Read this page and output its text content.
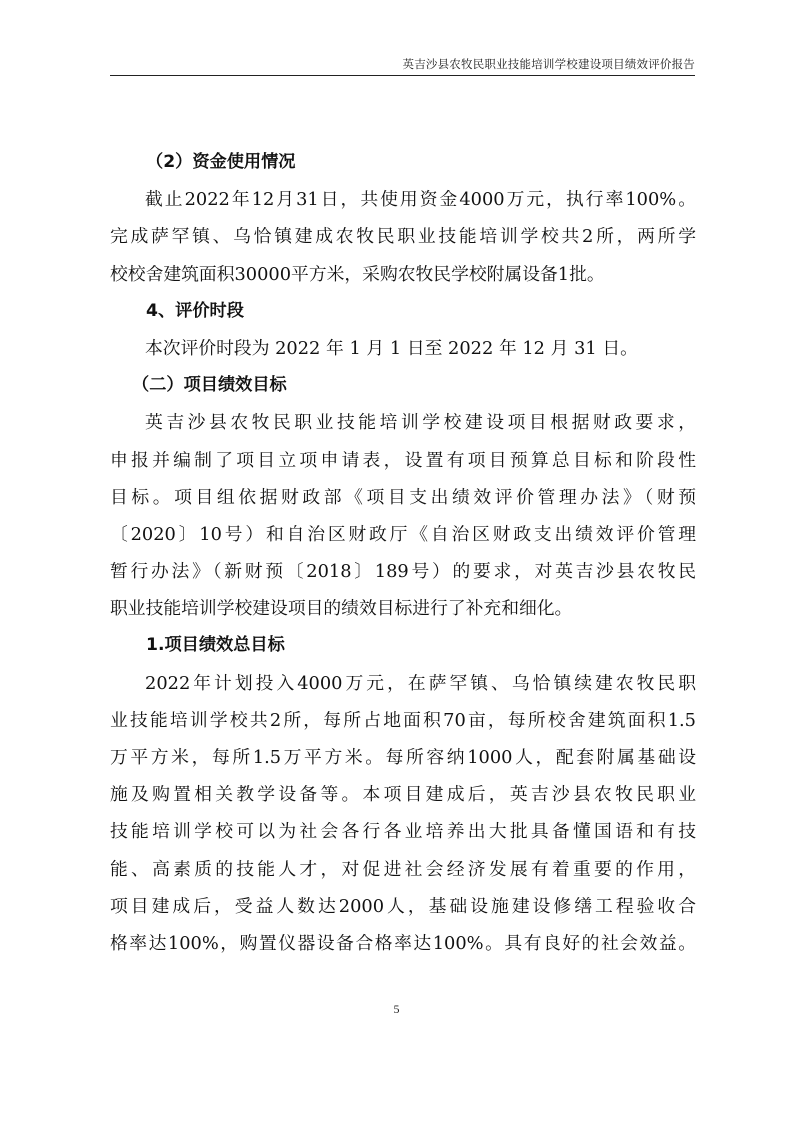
英吉沙县农牧民职业技能培训学校建设项目绩效评价报告
（2）资金使用情况
截止2022年12月31日，共使用资金4000万元，执行率100%。
完成萨罕镇、乌恰镇建成农牧民职业技能培训学校共2所，两所学
校校舍建筑面积30000平方米，采购农牧民学校附属设备1批。
4、评价时段
本次评价时段为 2022 年 1 月 1 日至 2022 年 12 月 31 日。
（二）项目绩效目标
英吉沙县农牧民职业技能培训学校建设项目根据财政要求，
申报并编制了项目立项申请表，设置有项目预算总目标和阶段性
目标。项目组依据财政部《项目支出绩效评价管理办法》（财预
〔2020〕10号）和自治区财政厅《自治区财政支出绩效评价管理
暂行办法》（新财预〔2018〕189号）的要求，对英吉沙县农牧民
职业技能培训学校建设项目的绩效目标进行了补充和细化。
1.项目绩效总目标
2022年计划投入4000万元，在萨罕镇、乌恰镇续建农牧民职
业技能培训学校共2所，每所占地面积70亩，每所校舍建筑面积1.5
万平方米，每所1.5万平方米。每所容纳1000人，配套附属基础设
施及购置相关教学设备等。本项目建成后，英吉沙县农牧民职业
技能培训学校可以为社会各行各业培养出大批具备懂国语和有技
能、高素质的技能人才，对促进社会经济发展有着重要的作用，
项目建成后，受益人数达2000人，基础设施建设修缮工程验收合
格率达100%，购置仪器设备合格率达100%。具有良好的社会效益。
5
